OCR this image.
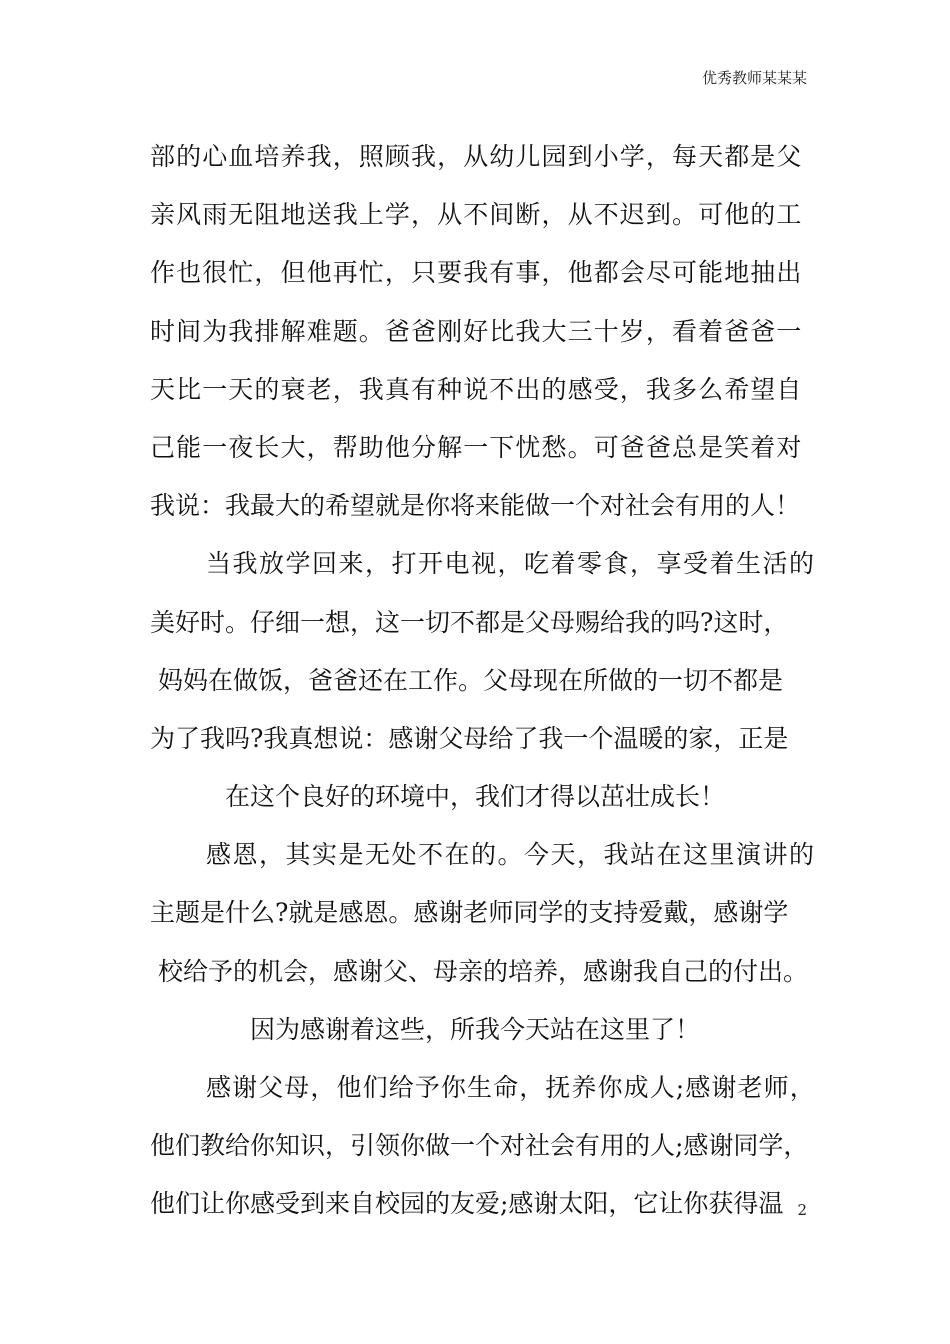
优秀教师某某某
部的心血培养我，照顾我，从幼儿园到小学，每天都是父
亲风雨无阻地送我上学，从不间断，从不迟到。可他的工
作也很忙，但他再忙，只要我有事，他都会尽可能地抽出
时间为我排解难题。爸爸刚好比我大三十岁，看着爸爸一
天比一天的衰老，我真有种说不出的感受，我多么希望自
己能一夜长大，帮助他分解一下忧愁。可爸爸总是笑着对
我说：我最大的希望就是你将来能做一个对社会有用的人！
当我放学回来，打开电视，吃着零食，享受着生活的
美好时。仔细一想，这一切不都是父母赐给我的吗?这时，
妈妈在做饭，爸爸还在工作。父母现在所做的一切不都是
为了我吗?我真想说：感谢父母给了我一个温暖的家，正是
在这个良好的环境中，我们才得以茁壮成长！
感恩，其实是无处不在的。今天，我站在这里演讲的
主题是什么?就是感恩。感谢老师同学的支持爱戴，感谢学
校给予的机会，感谢父、母亲的培养，感谢我自己的付出。
因为感谢着这些，所我今天站在这里了！
感谢父母，他们给予你生命，抚养你成人;感谢老师，
他们教给你知识，引领你做一个对社会有用的人;感谢同学，
他们让你感受到来自校园的友爱;感谢太阳，它让你获得温 2
